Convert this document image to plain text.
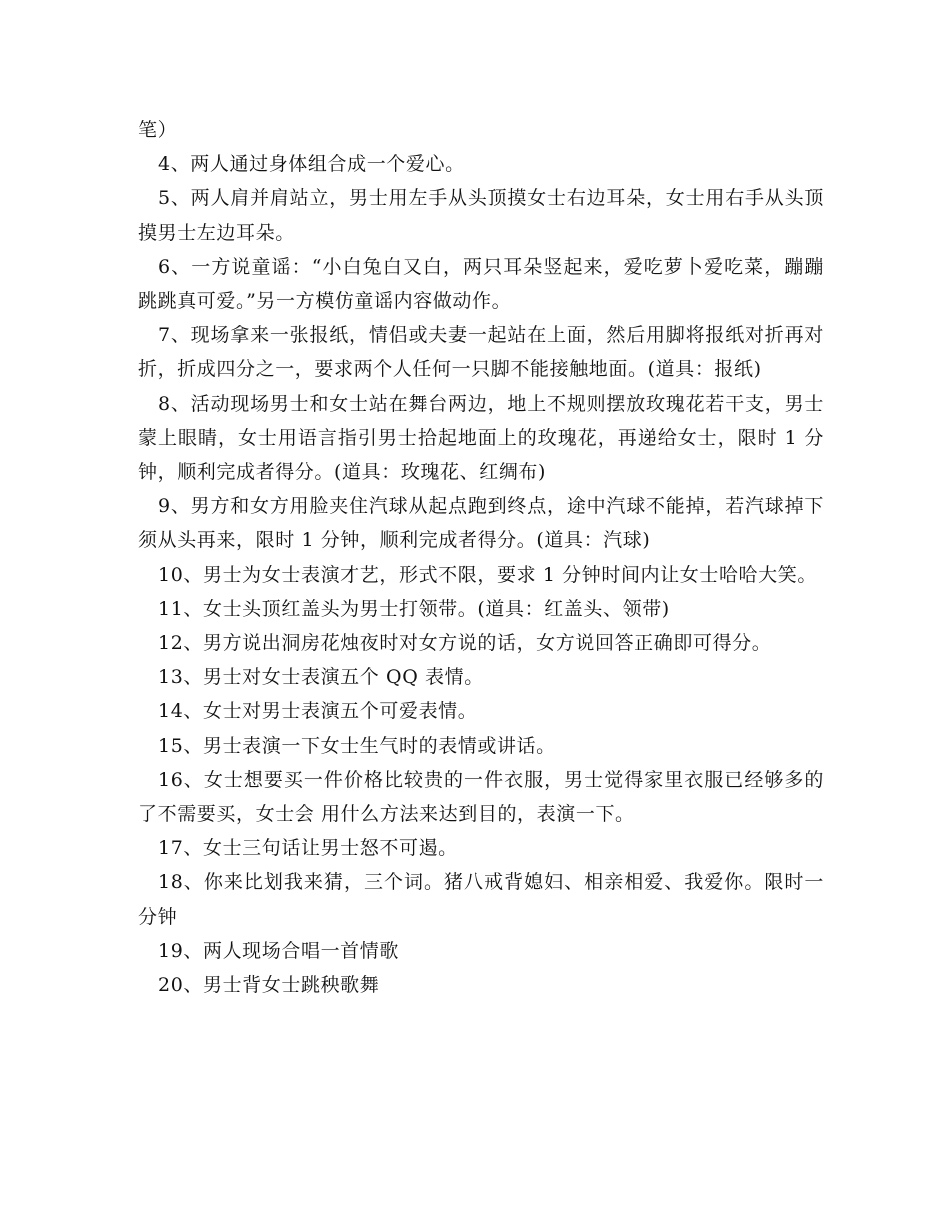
笔）

4、两人通过身体组合成一个爱心。

5、两人肩并肩站立，男士用左手从头顶摸女士右边耳朵，女士用右手从头顶摸男士左边耳朵。

6、一方说童谣：“小白兔白又白，两只耳朵竖起来，爱吃萝卜爱吃菜，蹦蹦跳跳真可爱。”另一方模仿童谣内容做动作。

7、现场拿来一张报纸，情侣或夫妻一起站在上面，然后用脚将报纸对折再对折，折成四分之一，要求两个人任何一只脚不能接触地面。(道具：报纸)

8、活动现场男士和女士站在舞台两边，地上不规则摆放玫瑰花若干支，男士蒙上眼睛，女士用语言指引男士拾起地面上的玫瑰花，再递给女士，限时 1 分 钟，顺利完成者得分。(道具：玫瑰花、红绸布)

9、男方和女方用脸夹住汽球从起点跑到终点，途中汽球不能掉，若汽球掉下须从头再来，限时 1 分钟，顺利完成者得分。(道具：汽球)

10、男士为女士表演才艺，形式不限，要求 1 分钟时间内让女士哈哈大笑。

11、女士头顶红盖头为男士打领带。(道具：红盖头、领带)

12、男方说出洞房花烛夜时对女方说的话，女方说回答正确即可得分。

13、男士对女士表演五个 QQ 表情。

14、女士对男士表演五个可爱表情。

15、男士表演一下女士生气时的表情或讲话。

16、女士想要买一件价格比较贵的一件衣服，男士觉得家里衣服已经够多的了不需要买，女士会 用什么方法来达到目的，表演一下。

17、女士三句话让男士怒不可遏。

18、你来比划我来猜，三个词。猪八戒背媳妇、相亲相爱、我爱你。限时一分钟

19、两人现场合唱一首情歌

20、男士背女士跳秧歌舞
